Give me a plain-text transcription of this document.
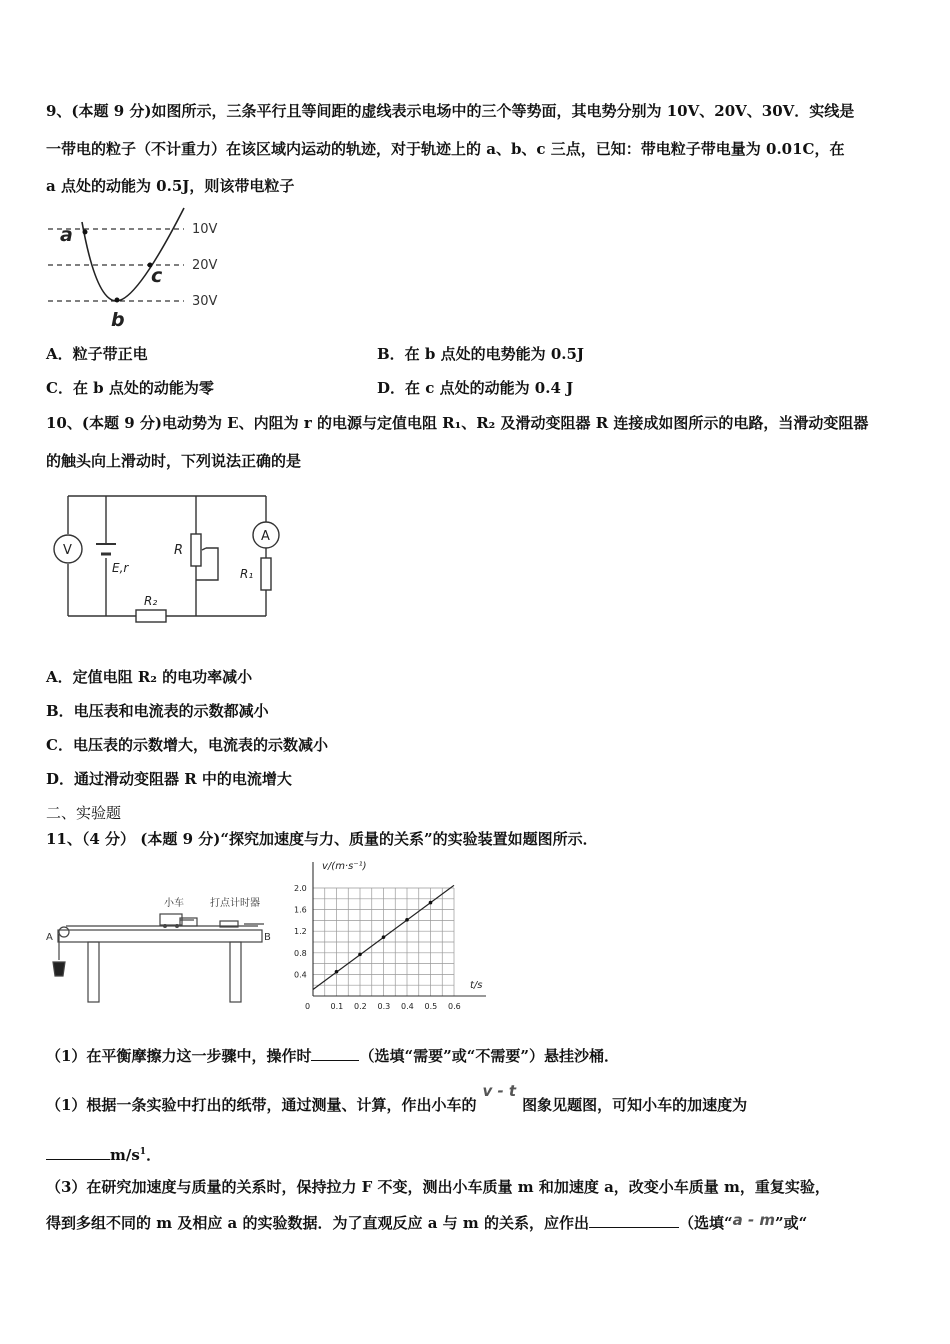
9、(本题 9 分)如图所示，三条平行且等间距的虚线表示电场中的三个等势面，其电势分别为 10V、20V、30V．实线是
一带电的粒子（不计重力）在该区域内运动的轨迹，对于轨迹上的 a、b、c 三点，已知：带电粒子带电量为 0.01C，在
a 点处的动能为 0.5J，则该带电粒子
10V
20V
30V
a
b
c
A．粒子带正电	B．在 b 点处的电势能为 0.5J
C．在 b 点处的动能为零	D．在 c 点处的动能为 0.4 J
10、(本题 9 分)电动势为 E、内阻为 r 的电源与定值电阻 R₁、R₂ 及滑动变阻器 R 连接成如图所示的电路，当滑动变阻器
的触头向上滑动时，下列说法正确的是
V
E,r
R
A
R₁
R₂
A．定值电阻 R₂ 的电功率减小
B．电压表和电流表的示数都减小
C．电压表的示数增大，电流表的示数减小
D．通过滑动变阻器 R 中的电流增大
二、实验题
11、（4 分） (本题 9 分)“探究加速度与力、质量的关系”的实验装置如题图所示．
小车	打点计时器
A	B
0	0.1 0.2 0.3 0.4 0.5 0.6
0.4
0.8
1.2
1.6
2.0
v/(m·s⁻¹)
t/s
（1）在平衡摩擦力这一步骤中，操作时	（选填“需要”或“不需要”）悬挂沙桶．
（1）根据一条实验中打出的纸带，通过测量、计算，作出小车的v - t图象见题图，可知小车的加速度为
$m/s^1$．
（3）在研究加速度与质量的关系时，保持拉力 F 不变，测出小车质量 m 和加速度 a，改变小车质量 m，重复实验，
得到多组不同的 m 及相应 a 的实验数据．为了直观反应 a 与 m 的关系，应作出	（选填“a - m”或“
